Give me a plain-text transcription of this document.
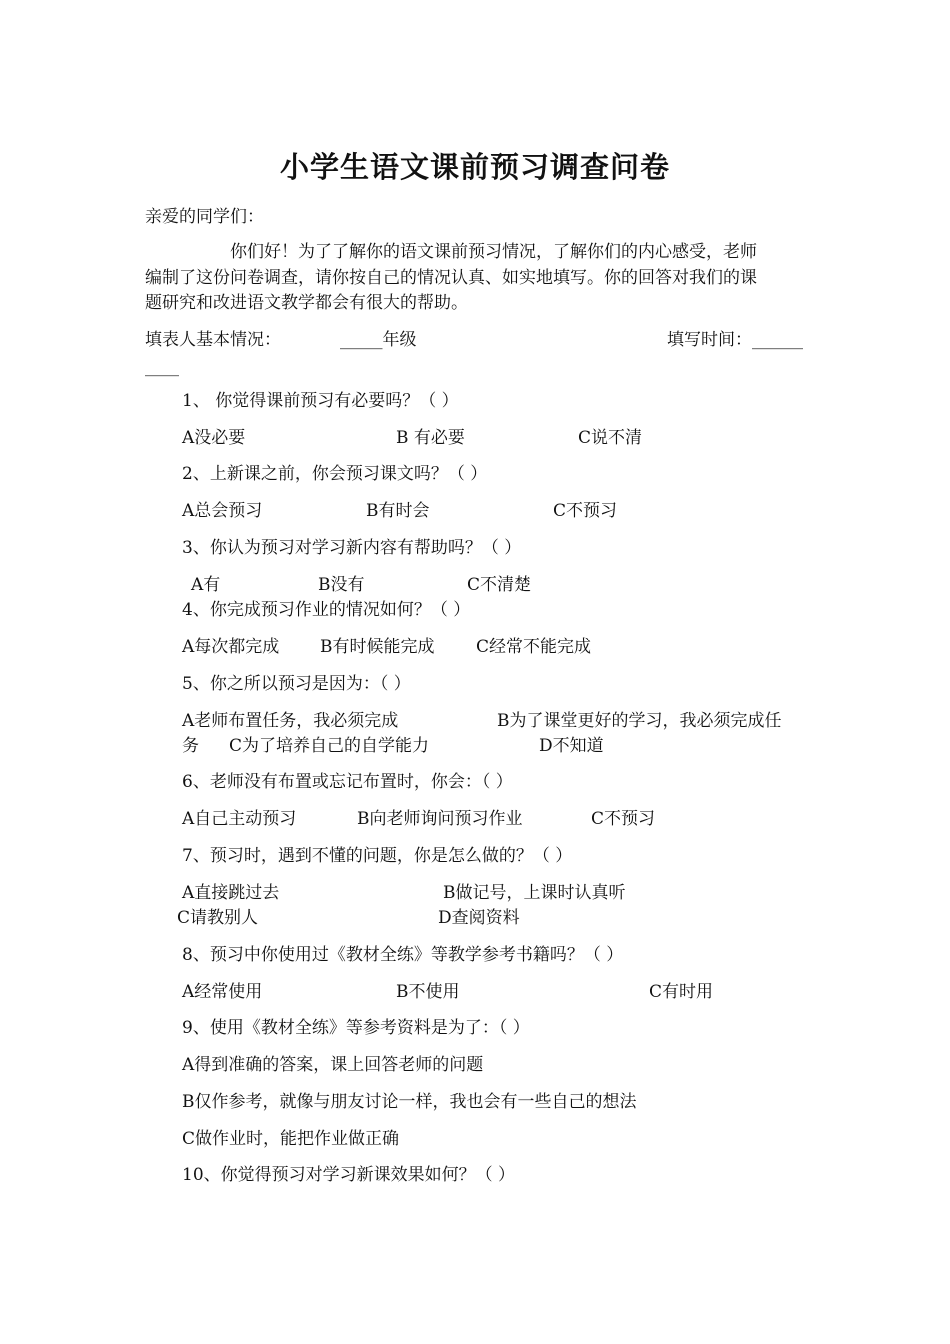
小学生语文课前预习调查问卷
亲爱的同学们：
你们好！为了了解你的语文课前预习情况，了解你们的内心感受，老师
编制了这份问卷调查，请你按自己的情况认真、如实地填写。你的回答对我们的课
题研究和改进语文教学都会有很大的帮助。
填表人基本情况：	_____年级	填写时间：______
____
1、 你觉得课前预习有必要吗？（ ）
A没必要	B 有必要	C说不清
2、上新课之前，你会预习课文吗？（ ）
A总会预习	B有时会	C不预习
3、你认为预习对学习新内容有帮助吗？（ ）
A有	B没有	C不清楚
4、你完成预习作业的情况如何？（ ）
A每次都完成 B有时候能完成 C经常不能完成
5、你之所以预习是因为：（ ）
A老师布置任务，我必须完成	B为了课堂更好的学习，我必须完成任
务 C为了培养自己的自学能力	D不知道
6、老师没有布置或忘记布置时，你会：（ ）
A自己主动预习	B向老师询问预习作业	C不预习
7、预习时，遇到不懂的问题，你是怎么做的？（ ）
A直接跳过去	B做记号，上课时认真听
C请教别人	D查阅资料
8、预习中你使用过《教材全练》等教学参考书籍吗？（ ）
A经常使用	B不使用	C有时用
9、使用《教材全练》等参考资料是为了：（ ）
A得到准确的答案，课上回答老师的问题
B仅作参考，就像与朋友讨论一样，我也会有一些自己的想法
C做作业时，能把作业做正确
10、你觉得预习对学习新课效果如何？（ ）
